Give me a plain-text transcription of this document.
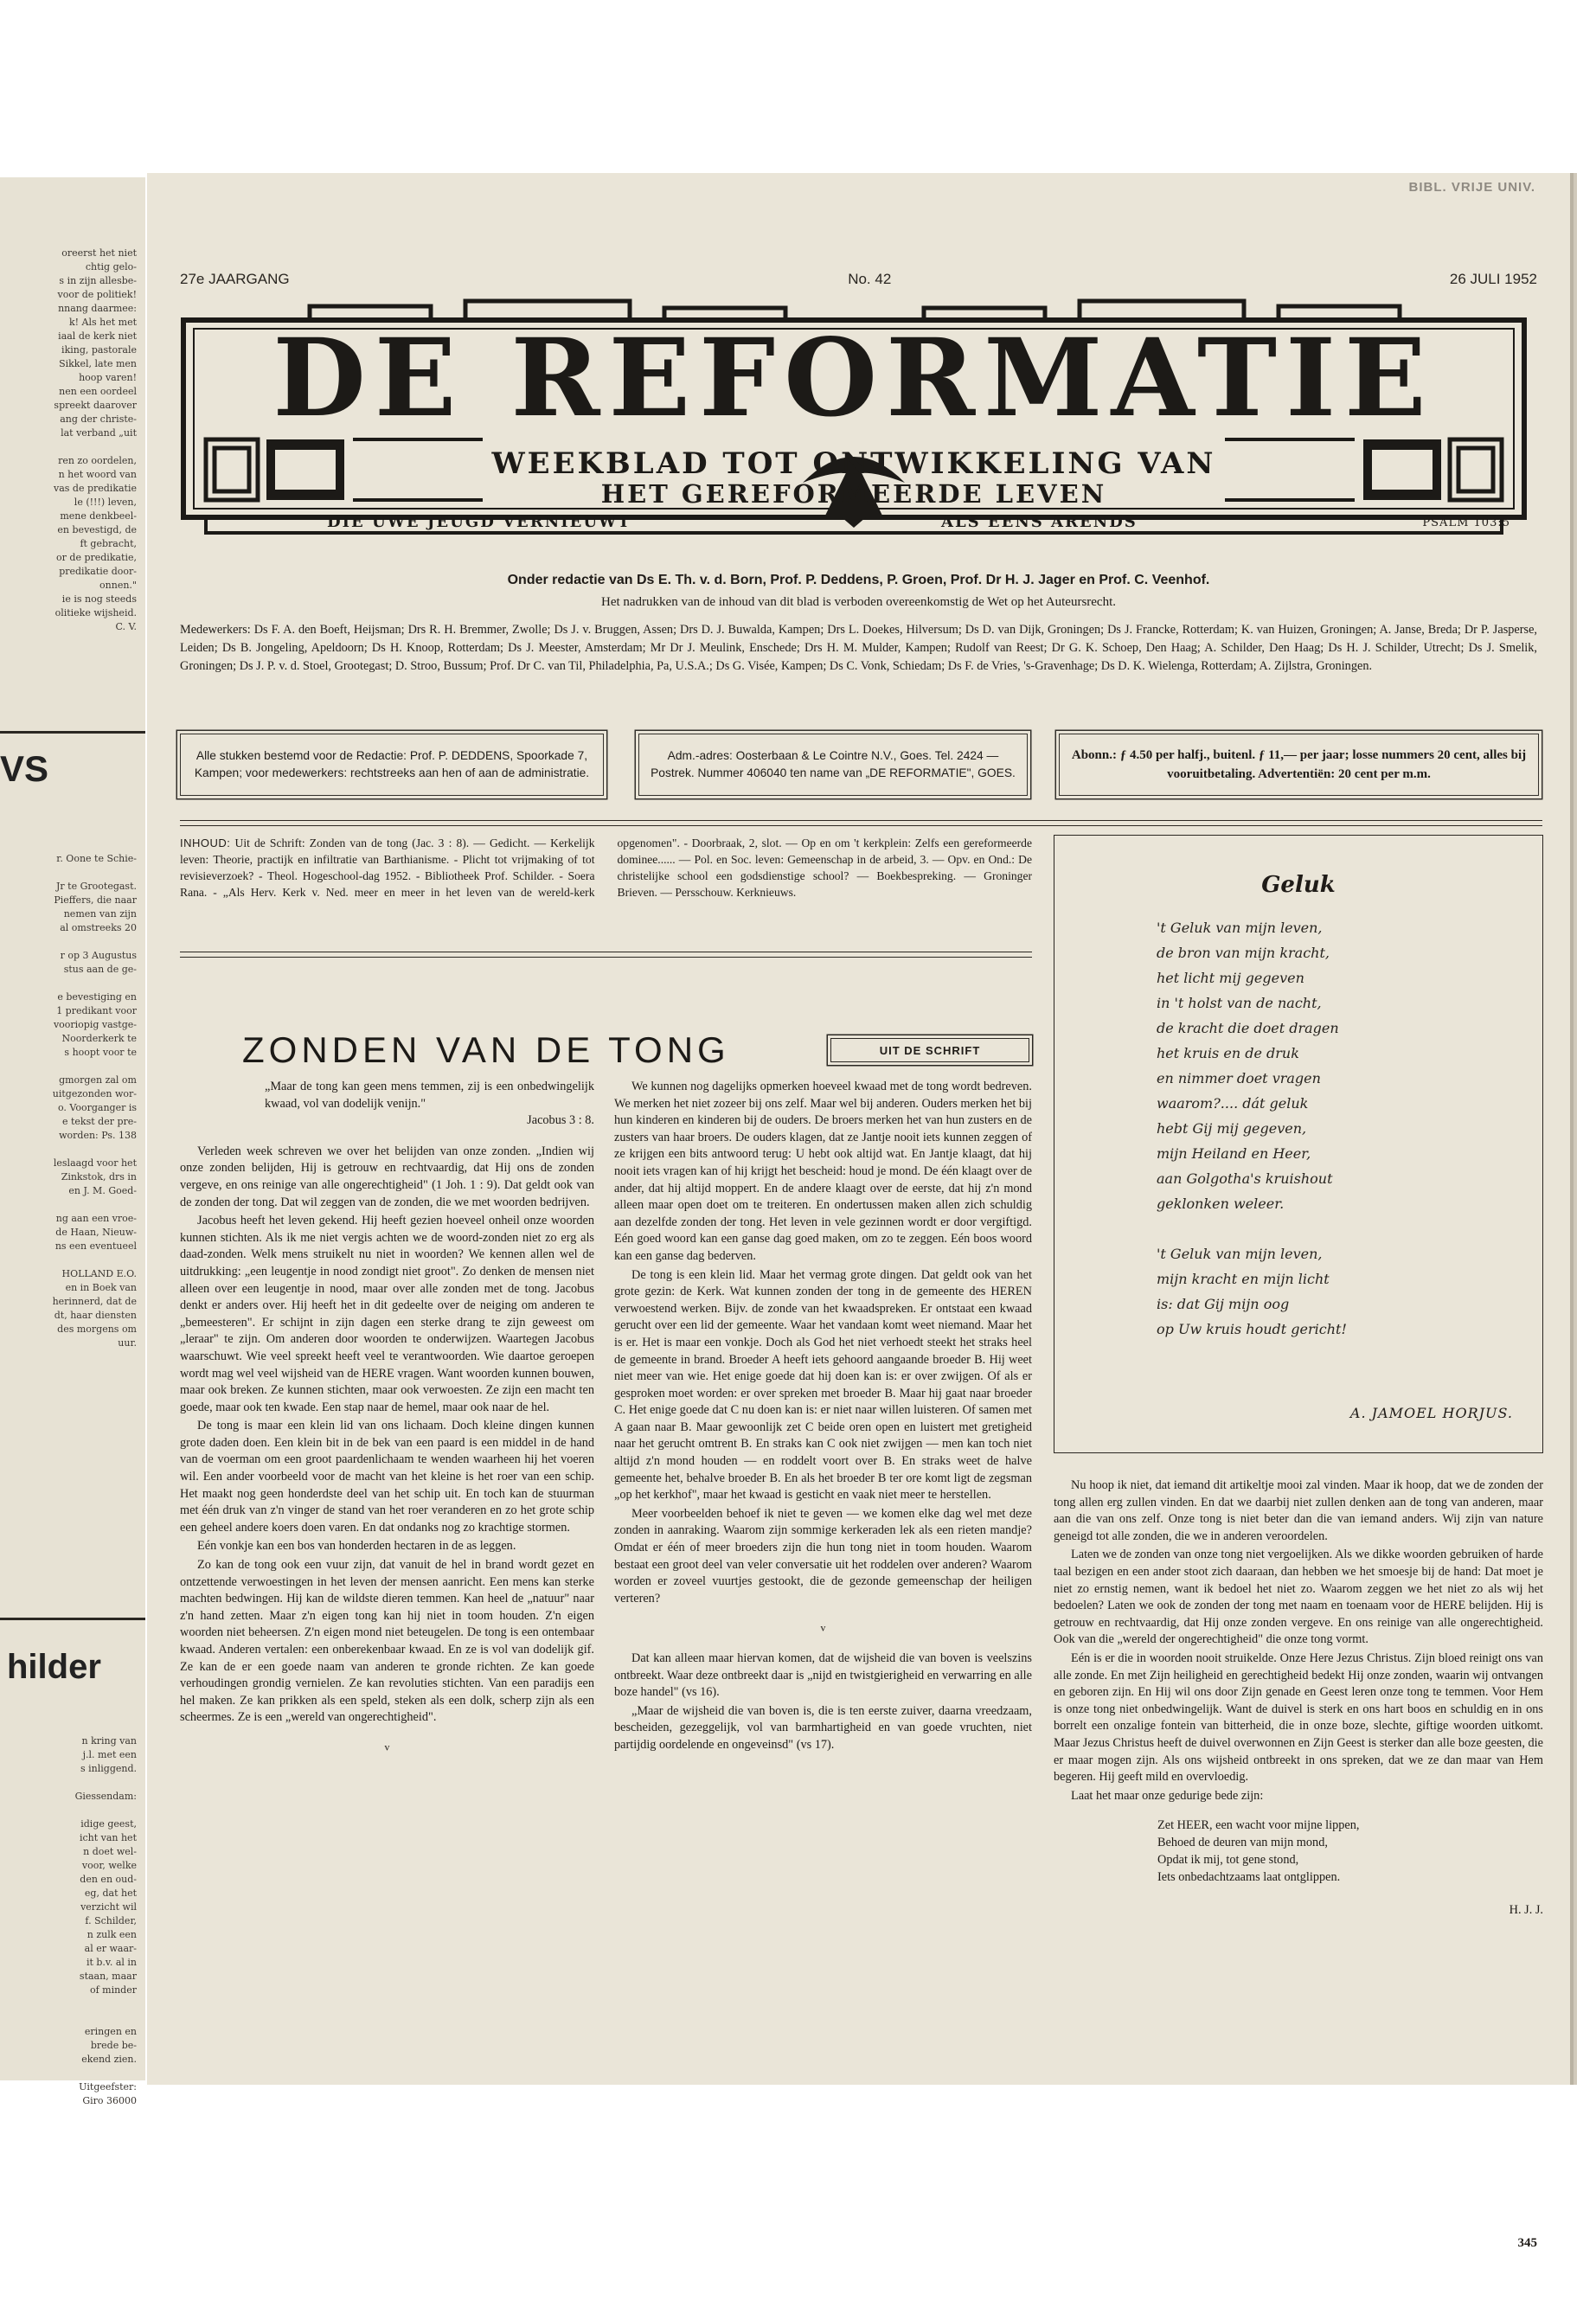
oreerst het niet
chtig gelo-
s in zijn allesbe-
voor de politiek!
nnang daarmee:
k! Als het met
iaal de kerk niet
iking, pastorale
Sikkel, late men
hoop varen!
nen een oordeel
spreekt daarover
ang der christe-
lat verband „uit

ren zo oordelen,
n het woord van
vas de predikatie
le (!!!) leven,
mene denkbeel-
en bevestigd, de
ft gebracht,
or de predikatie,
predikatie door-
onnen."
ie is nog steeds
olitieke wijsheid.
C. V.
VS
r. Oone te Schie-

Jr te Grootegast.
Pieffers, die naar
nemen van zijn
al omstreeks 20

r op 3 Augustus
stus aan de ge-

e bevestiging en
1 predikant voor
vooriopig vastge-
Noorderkerk te
s hoopt voor te

gmorgen zal om
uitgezonden wor-
o. Voorganger is
e tekst der pre-
worden: Ps. 138

leslaagd voor het
Zinkstok, drs in
en J. M. Goed-

ng aan een vroe-
de Haan, Nieuw-
ns een eventueel

HOLLAND E.O.
en in Boek van
herinnerd, dat de
dt, haar diensten
des morgens om
uur.
hilder
n kring van
j.l. met een
s inliggend.

Giessendam:

idige geest,
icht van het
n doet wel-
voor, welke
den en oud-
eg, dat het
verzicht wil
f. Schilder,
n zulk een
al er waar-
it b.v. al in
staan, maar
of minder

eringen en
brede be-
ekend zien.

Uitgeefster:
Giro 36000
BIBL. VRIJE UNIV.
27e JAARGANG	No. 42	26 JULI 1952
DE REFORMATIE
WEEKBLAD TOT ONTWIKKELING VAN
HET GEREFORMEERDE LEVEN
DIE UWE JEUGD VERNIEUWT	ALS EENS ARENDS	PSALM 103:5
Onder redactie van Ds E. Th. v. d. Born, Prof. P. Deddens, P. Groen, Prof. Dr H. J. Jager en Prof. C. Veenhof.
Het nadrukken van de inhoud van dit blad is verboden overeenkomstig de Wet op het Auteursrecht.
Medewerkers: Ds F. A. den Boeft, Heijsman; Drs R. H. Bremmer, Zwolle; Ds J. v. Bruggen, Assen; Drs D. J. Buwalda, Kampen; Drs L. Doekes, Hilversum; Ds D. van Dijk, Groningen; Ds J. Francke, Rotterdam; K. van Huizen, Groningen; A. Janse, Breda; Dr P. Jasperse, Leiden; Ds B. Jongeling, Apeldoorn; Ds H. Knoop, Rotterdam; Ds J. Meester, Amsterdam; Mr Dr J. Meulink, Enschede; Drs H. M. Mulder, Kampen; Rudolf van Reest; Dr G. K. Schoep, Den Haag; A. Schilder, Den Haag; Ds H. J. Schilder, Utrecht; Ds J. Smelik, Groningen; Ds J. P. v. d. Stoel, Grootegast; D. Stroo, Bussum; Prof. Dr C. van Til, Philadelphia, Pa, U.S.A.; Ds G. Visée, Kampen; Ds C. Vonk, Schiedam; Ds F. de Vries, 's-Gravenhage; Ds D. K. Wielenga, Rotterdam; A. Zijlstra, Groningen.
Alle stukken bestemd voor de Redactie: Prof. P. DEDDENS, Spoorkade 7, Kampen; voor medewerkers: rechtstreeks aan hen of aan de administratie.
Adm.-adres: Oosterbaan & Le Cointre N.V., Goes. Tel. 2424 — Postrek. Nummer 406040 ten name van „DE REFORMATIE", GOES.
Abonn.: ƒ 4.50 per halfj., buitenl. ƒ 11,— per jaar; losse nummers 20 cent, alles bij vooruitbetaling. Advertentiën: 20 cent per m.m.
INHOUD: Uit de Schrift: Zonden van de tong (Jac. 3 : 8). — Gedicht. — Kerkelijk leven: Theorie, practijk en infiltratie van Barthianisme. - Plicht tot vrijmaking of tot revisieverzoek? - Theol. Hogeschool-dag 1952. - Bibliotheek Prof. Schilder. - Soera Rana. - „Als Herv. Kerk v. Ned. meer en meer in het leven van de wereld-kerk opgenomen". - Doorbraak, 2, slot. — Op en om 't kerkplein: Zelfs een gereformeerde dominee...... — Pol. en Soc. leven: Gemeenschap in de arbeid, 3. — Opv. en Ond.: De christelijke school een godsdienstige school? — Boekbespreking. — Groninger Brieven. — Persschouw. Kerknieuws.	Geluk
't Geluk van mijn leven,
de bron van mijn kracht,
het licht mij gegeven
in 't holst van de nacht,
de kracht die doet dragen
het kruis en de druk
en nimmer doet vragen
waarom?.... dát geluk
hebt Gij mij gegeven,
mijn Heiland en Heer,
aan Golgotha's kruishout
geklonken weleer.

't Geluk van mijn leven,
mijn kracht en mijn licht
is: dat Gij mijn oog
op Uw kruis houdt gericht!
A. JAMOEL HORJUS.
ZONDEN VAN DE TONG	UIT DE SCHRIFT
„Maar de tong kan geen mens temmen, zij is een onbedwingelijk kwaad, vol van dodelijk venijn."
Jacobus 3 : 8.

Verleden week schreven we over het belijden van onze zonden. „Indien wij onze zonden belijden, Hij is getrouw en rechtvaardig, dat Hij ons de zonden vergeve, en ons reinige van alle ongerechtigheid" (1 Joh. 1 : 9). Dat geldt ook van de zonden der tong. Dat wil zeggen van de zonden, die we met woorden bedrijven.

Jacobus heeft het leven gekend. Hij heeft gezien hoeveel onheil onze woorden kunnen stichten. Als ik me niet vergis achten we de woord-zonden niet zo erg als daad-zonden. Welk mens struikelt nu niet in woorden? We kennen allen wel de uitdrukking: „een leugentje in nood zondigt niet groot". Zo denken de mensen niet alleen over een leugentje in nood, maar over alle zonden met de tong. Jacobus denkt er anders over. Hij heeft het in dit gedeelte over de neiging om anderen te „bemeesteren". Er schijnt in zijn dagen een sterke drang te zijn geweest om „leraar" te zijn. Om anderen door woorden te onderwijzen. Waartegen Jacobus waarschuwt. Wie veel spreekt heeft veel te verantwoorden. Wie daartoe geroepen wordt mag wel veel wijsheid van de HERE vragen. Want woorden kunnen bouwen, maar ook breken. Ze kunnen stichten, maar ook verwoesten. Ze zijn een macht ten goede, maar ook ten kwade. Een stap naar de hemel, maar ook naar de hel.

De tong is maar een klein lid van ons lichaam. Doch kleine dingen kunnen grote daden doen. Een klein bit in de bek van een paard is een middel in de hand van de voerman om een groot paardenlichaam te wenden waarheen hij het voeren wil. Een ander voorbeeld voor de macht van het kleine is het roer van een schip. Het maakt nog geen honderdste deel van het schip uit. En toch kan de stuurman met één druk van z'n vinger de stand van het roer veranderen en zo het grote schip een geheel andere koers doen varen. En dat ondanks nog zo krachtige stormen.

Eén vonkje kan een bos van honderden hectaren in de as leggen.

Zo kan de tong ook een vuur zijn, dat vanuit de hel in brand wordt gezet en ontzettende verwoestingen in het leven der mensen aanricht. Een mens kan sterke machten bedwingen. Hij kan de wildste dieren temmen. Kan heel de „natuur" naar z'n hand zetten. Maar z'n eigen tong kan hij niet in toom houden. Z'n eigen woorden niet beheersen. Z'n eigen mond niet beteugelen. De tong is een ontembaar kwaad. Anderen vertalen: een onberekenbaar kwaad. En ze is vol van dodelijk gif. Ze kan de er een goede naam van anderen te gronde richten. Ze kan goede verhoudingen grondig vernielen. Ze kan revoluties stichten. Van een paradijs een hel maken. Ze kan prikken als een speld, steken als een dolk, scherp zijn als een scheermes. Ze is een „wereld van ongerechtigheid".

ᵛ

We kunnen nog dagelijks opmerken hoeveel kwaad met de tong wordt bedreven. We merken het niet zozeer bij ons zelf. Maar wel bij anderen. Ouders merken het bij hun kinderen en kinderen bij de ouders. De broers merken het van hun zusters en de zusters van haar broers. De ouders klagen, dat ze Jantje nooit iets kunnen zeggen of ze krijgen een bits antwoord terug: U hebt ook altijd wat. En Jantje klaagt, dat hij nooit iets vragen kan of hij krijgt het bescheid: houd je mond. De één klaagt over de ander, dat hij altijd moppert. En de andere klaagt over de eerste, dat hij z'n mond alleen maar open doet om te treiteren. En ondertussen maken allen zich schuldig aan dezelfde zonden der tong. Het leven in vele gezinnen wordt er door vergiftigd. Eén goed woord kan een ganse dag goed maken, om zo te zeggen. Eén boos woord kan een ganse dag bederven.

De tong is een klein lid. Maar het vermag grote dingen. Dat geldt ook van het grote gezin: de Kerk. Wat kunnen zonden der tong in de gemeente des HEREN verwoestend werken. Bijv. de zonde van het kwaadspreken. Er ontstaat een kwaad gerucht over een lid der gemeente. Waar het vandaan komt weet niemand. Maar het is er. Het is maar een vonkje. Doch als God het niet verhoedt steekt het straks heel de gemeente in brand. Broeder A heeft iets gehoord aangaande broeder B. Hij weet niet meer van wie. Het enige goede dat hij doen kan is: er over zwijgen. Of als er gesproken moet worden: er over spreken met broeder B. Maar hij gaat naar broeder C. Het enige goede dat C nu doen kan is: er niet naar willen luisteren. Of samen met A gaan naar B. Maar gewoonlijk zet C beide oren open en luistert met gretigheid naar het gerucht omtrent B. En straks kan C ook niet zwijgen — men kan toch niet altijd z'n mond houden — en roddelt voort over B. En straks weet de halve gemeente het, behalve broeder B. En als het broeder B ter ore komt ligt de zegsman „op het kerkhof", maar het kwaad is gesticht en vaak niet meer te herstellen.

Meer voorbeelden behoef ik niet te geven — we komen elke dag wel met deze zonden in aanraking. Waarom zijn sommige kerkeraden lek als een rieten mandje? Omdat er één of meer broeders zijn die hun tong niet in toom houden. Waarom bestaat een groot deel van veler conversatie uit het roddelen over anderen? Waarom worden er zoveel vuurtjes gestookt, die de gezonde gemeenschap der heiligen verteren?

ᵛ

Dat kan alleen maar hiervan komen, dat de wijsheid die van boven is veelszins ontbreekt. Waar deze ontbreekt daar is „nijd en twistgierigheid en verwarring en alle boze handel" (vs 16).

„Maar de wijsheid die van boven is, die is ten eerste zuiver, daarna vreedzaam, bescheiden, gezeggelijk, vol van barmhartigheid en van goede vruchten, niet partijdig oordelende en ongeveinsd" (vs 17).

Nu hoop ik niet, dat iemand dit artikeltje mooi zal vinden. Maar ik hoop, dat we de zonden der tong allen erg zullen vinden. En dat we daarbij niet zullen denken aan de tong van anderen, maar aan die van ons zelf. Onze tong is niet beter dan die van iemand anders. Wij zijn van nature geneigd tot alle zonden, die we in anderen veroordelen.

Laten we de zonden van onze tong niet vergoelijken. Als we dikke woorden gebruiken of harde taal bezigen en een ander stoot zich daaraan, dan hebben we het smoesje bij de hand: Dat moet je niet zo ernstig nemen, want ik bedoel het niet zo. Waarom zeggen we het niet zo als wij het bedoelen? Laten we ook de zonden der tong met naam en toenaam voor de HERE belijden. Hij is getrouw en rechtvaardig, dat Hij onze zonden vergeve. En ons reinige van alle ongerechtigheid. Ook van die „wereld der ongerechtigheid" die onze tong vormt.

Eén is er die in woorden nooit struikelde. Onze Here Jezus Christus. Zijn bloed reinigt ons van alle zonde. En met Zijn heiligheid en gerechtigheid bedekt Hij onze zonden, waarin wij ontvangen en geboren zijn. En Hij wil ons door Zijn genade en Geest leren onze tong te temmen. Voor Hem is onze tong niet onbedwingelijk. Want de duivel is sterk en ons hart boos en schuldig en in ons borrelt een onzalige fontein van bitterheid, die in onze boze, slechte, giftige woorden uitkomt. Maar Jezus Christus heeft de duivel overwonnen en Zijn Geest is sterker dan alle boze geesten, die er maar mogen zijn. Als ons wijsheid ontbreekt in ons spreken, dat we ze dan maar van Hem begeren. Hij geeft mild en overvloedig.

Laat het maar onze gedurige bede zijn:

Zet HEER, een wacht voor mijne lippen,
Behoed de deuren van mijn mond,
Opdat ik mij, tot gene stond,
Iets onbedachtzaams laat ontglippen.
H. J. J.
345
